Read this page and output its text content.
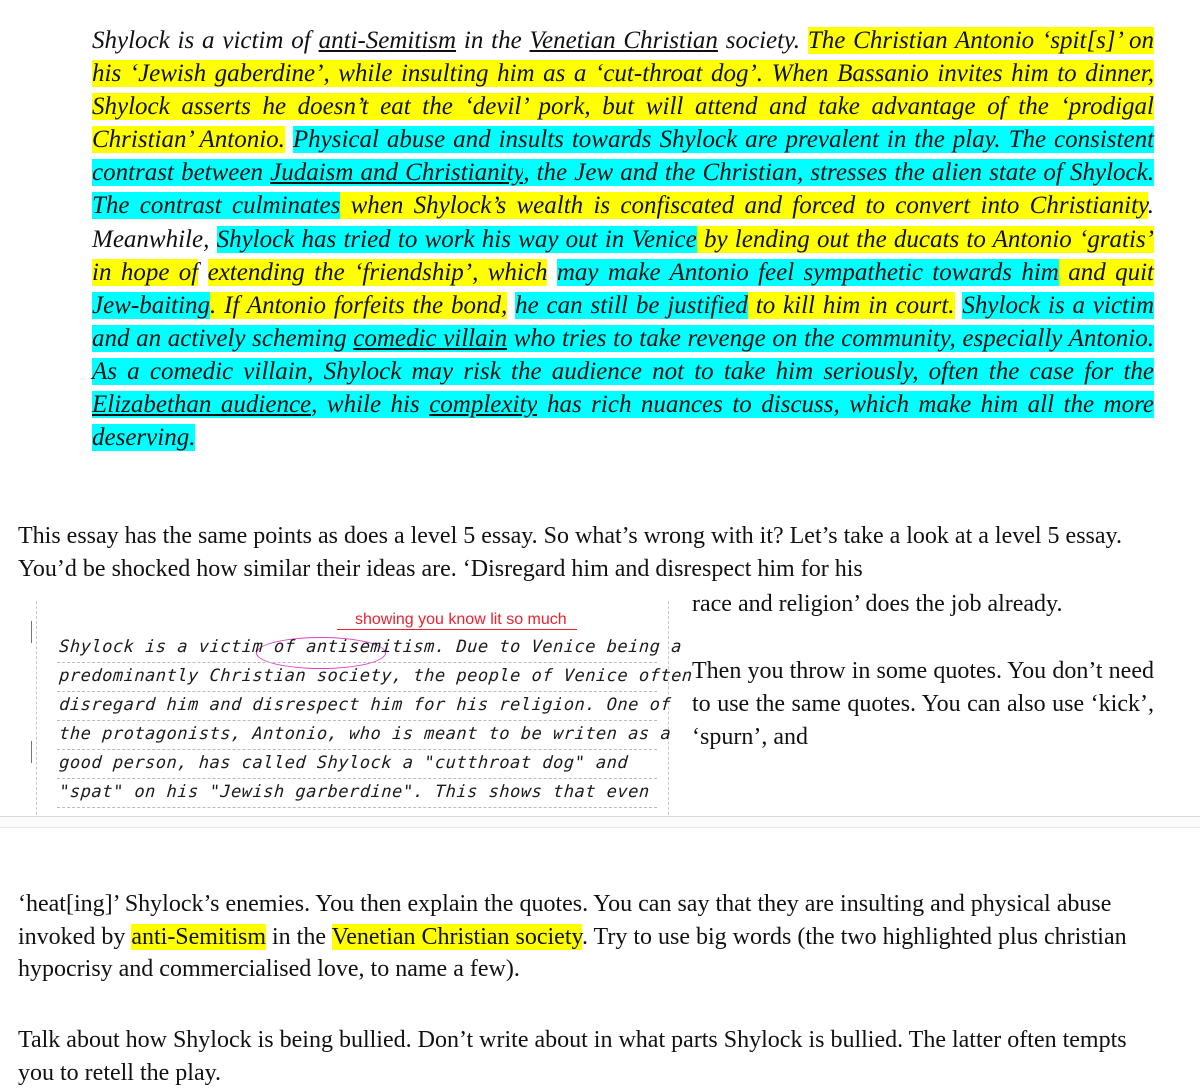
Shylock is a victim of anti-Semitism in the Venetian Christian society. The Christian Antonio ‘spit[s]’ on his ‘Jewish gaberdine’, while insulting him as a ‘cut-throat dog’. When Bassanio invites him to dinner, Shylock asserts he doesn’t eat the ‘devil’ pork, but will attend and take advantage of the ‘prodigal Christian’ Antonio. Physical abuse and insults towards Shylock are prevalent in the play. The consistent contrast between Judaism and Christianity, the Jew and the Christian, stresses the alien state of Shylock. The contrast culminates when Shylock’s wealth is confiscated and forced to convert into Christianity. Meanwhile, Shylock has tried to work his way out in Venice by lending out the ducats to Antonio ‘gratis’ in hope of extending the ‘friendship’, which may make Antonio feel sympathetic towards him and quit Jew-baiting. If Antonio forfeits the bond, he can still be justified to kill him in court. Shylock is a victim and an actively scheming comedic villain who tries to take revenge on the community, especially Antonio. As a comedic villain, Shylock may risk the audience not to take him seriously, often the case for the Elizabethan audience, while his complexity has rich nuances to discuss, which make him all the more deserving.

This essay has the same points as does a level 5 essay. So what’s wrong with it? Let’s take a look at a level 5 essay. You’d be shocked how similar their ideas are. ‘Disregard him and disrespect him for his

showing you know lit so much
Shylock is a victim of antisemitism. Due to Venice being a
predominantly Christian society, the people of Venice often
disregard him and disrespect him for his religion. One of
the protagonists, Antonio, who is meant to be writen as a
good person, has called Shylock a "cutthroat dog" and
"spat" on his "Jewish garberdine". This shows that even

race and religion’ does the job already.

Then you throw in some quotes. You don’t need to use the same quotes. You can also use ‘kick’, ‘spurn’, and

‘heat[ing]’ Shylock’s enemies. You then explain the quotes. You can say that they are insulting and physical abuse invoked by anti-Semitism in the Venetian Christian society. Try to use big words (the two highlighted plus christian hypocrisy and commercialised love, to name a few).

Talk about how Shylock is being bullied. Don’t write about in what parts Shylock is bullied. The latter often tempts you to retell the play.
